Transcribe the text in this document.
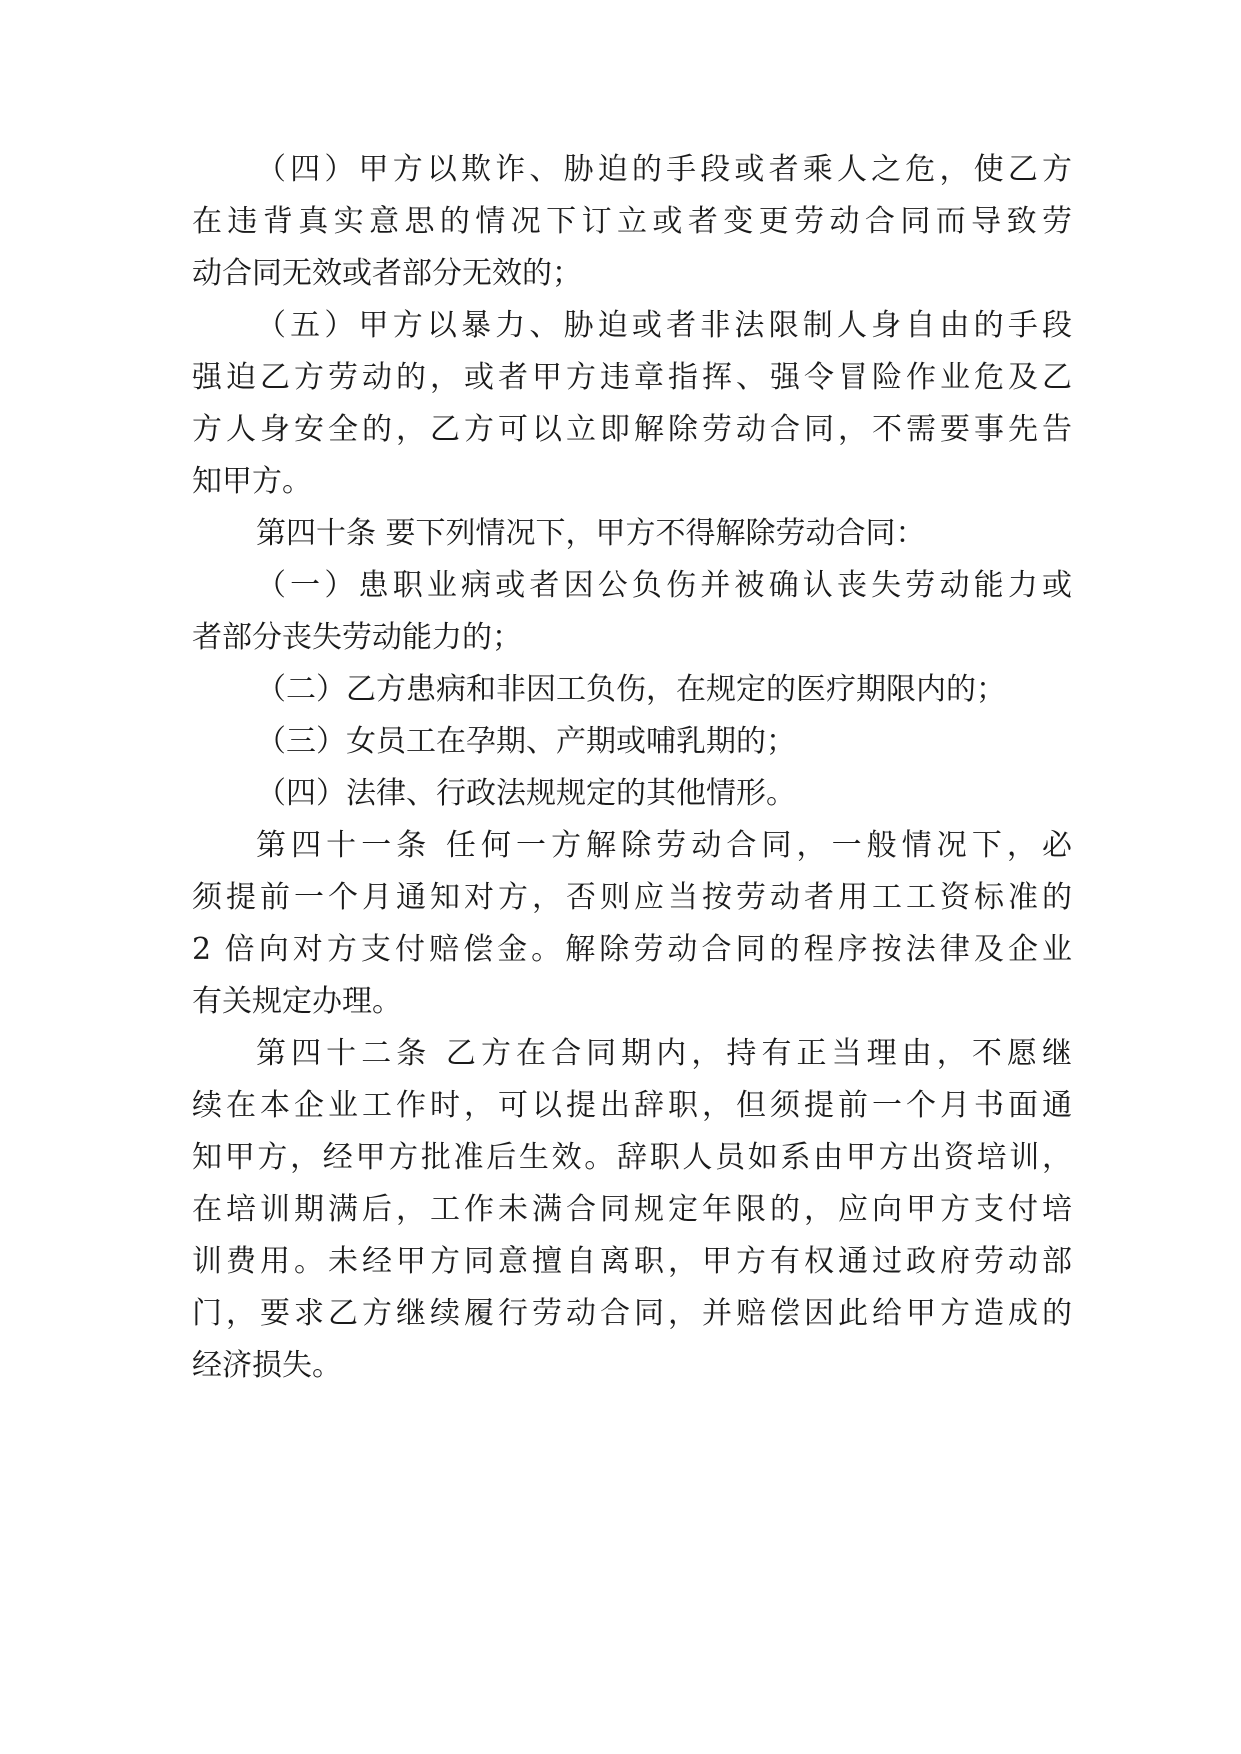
（四）甲方以欺诈、胁迫的手段或者乘人之危，使乙方
在违背真实意思的情况下订立或者变更劳动合同而导致劳
动合同无效或者部分无效的；
（五）甲方以暴力、胁迫或者非法限制人身自由的手段
强迫乙方劳动的，或者甲方违章指挥、强令冒险作业危及乙
方人身安全的，乙方可以立即解除劳动合同，不需要事先告
知甲方。
第四十条 要下列情况下，甲方不得解除劳动合同：
（一）患职业病或者因公负伤并被确认丧失劳动能力或
者部分丧失劳动能力的；
（二）乙方患病和非因工负伤，在规定的医疗期限内的；
（三）女员工在孕期、产期或哺乳期的；
（四）法律、行政法规规定的其他情形。
第四十一条 任何一方解除劳动合同，一般情况下，必
须提前一个月通知对方，否则应当按劳动者用工工资标准的
2 倍向对方支付赔偿金。解除劳动合同的程序按法律及企业
有关规定办理。
第四十二条 乙方在合同期内，持有正当理由，不愿继
续在本企业工作时，可以提出辞职，但须提前一个月书面通
知甲方，经甲方批准后生效。辞职人员如系由甲方出资培训，
在培训期满后，工作未满合同规定年限的，应向甲方支付培
训费用。未经甲方同意擅自离职，甲方有权通过政府劳动部
门，要求乙方继续履行劳动合同，并赔偿因此给甲方造成的
经济损失。
